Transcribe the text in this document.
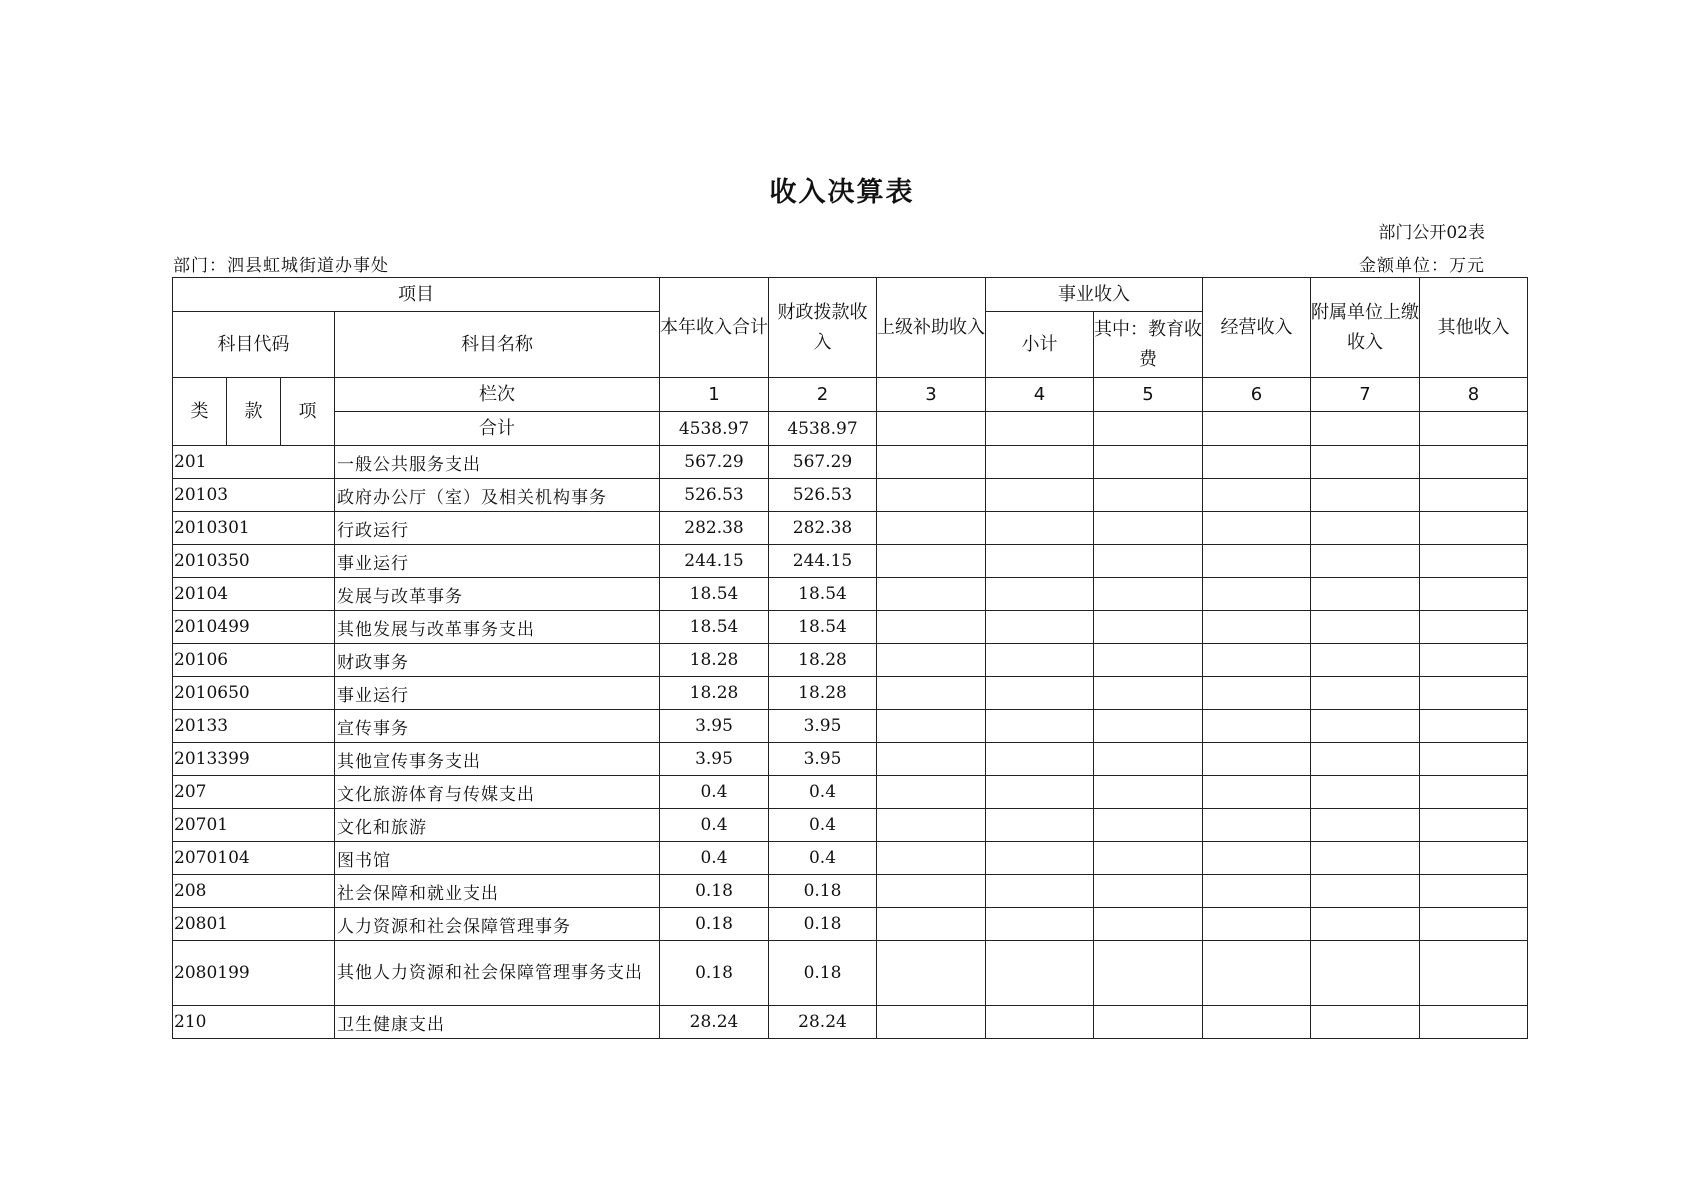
收入决算表
部门公开02表
部门：泗县虹城街道办事处	金额单位：万元
项目				本年收入合计	财政拨款收入	上级补助收入	事业收入		经营收入	附属单位上缴收入	其他收入
科目代码			科目名称				小计	其中：教育收费			
类	款	项	栏次	1	2	3	4	5	6	7	8
			合计	4538.97	4538.97						
201			一般公共服务支出	567.29	567.29						
20103			政府办公厅（室）及相关机构事务	526.53	526.53						
2010301			行政运行	282.38	282.38						
2010350			事业运行	244.15	244.15						
20104			发展与改革事务	18.54	18.54						
2010499			其他发展与改革事务支出	18.54	18.54						
20106			财政事务	18.28	18.28						
2010650			事业运行	18.28	18.28						
20133			宣传事务	3.95	3.95						
2013399			其他宣传事务支出	3.95	3.95						
207			文化旅游体育与传媒支出	0.4	0.4						
20701			文化和旅游	0.4	0.4						
2070104			图书馆	0.4	0.4						
208			社会保障和就业支出	0.18	0.18						
20801			人力资源和社会保障管理事务	0.18	0.18						
2080199			其他人力资源和社会保障管理事务支出	0.18	0.18						
210			卫生健康支出	28.24	28.24						
